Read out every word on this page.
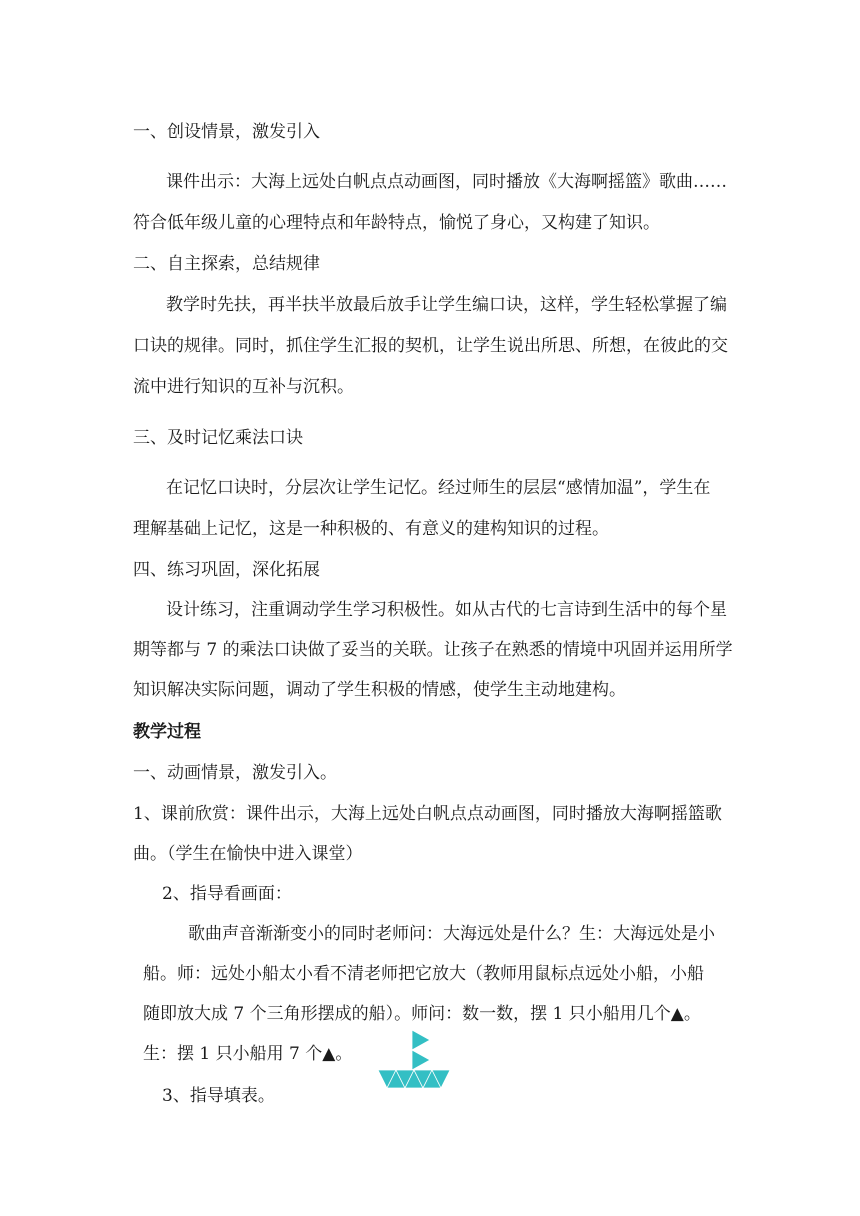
一、创设情景，激发引入
课件出示：大海上远处白帆点点动画图，同时播放《大海啊摇篮》歌曲……
符合低年级儿童的心理特点和年龄特点，愉悦了身心，又构建了知识。
二、自主探索，总结规律
教学时先扶，再半扶半放最后放手让学生编口诀，这样，学生轻松掌握了编
口诀的规律。同时，抓住学生汇报的契机，让学生说出所思、所想，在彼此的交
流中进行知识的互补与沉积。
三、及时记忆乘法口诀
在记忆口诀时，分层次让学生记忆。经过师生的层层“感情加温”，学生在
理解基础上记忆，这是一种积极的、有意义的建构知识的过程。
四、练习巩固，深化拓展
设计练习，注重调动学生学习积极性。如从古代的七言诗到生活中的每个星
期等都与 7 的乘法口诀做了妥当的关联。让孩子在熟悉的情境中巩固并运用所学
知识解决实际问题，调动了学生积极的情感，使学生主动地建构。
教学过程
一、动画情景，激发引入。
1、课前欣赏：课件出示，大海上远处白帆点点动画图，同时播放大海啊摇篮歌
曲。（学生在愉快中进入课堂）
2、指导看画面：
歌曲声音渐渐变小的同时老师问：大海远处是什么？生：大海远处是小
船。师：远处小船太小看不清老师把它放大（教师用鼠标点远处小船，小船
随即放大成 7 个三角形摆成的船）。师问：数一数，摆 1 只小船用几个▲。
生：摆 1 只小船用 7 个▲。
3、指导填表。
